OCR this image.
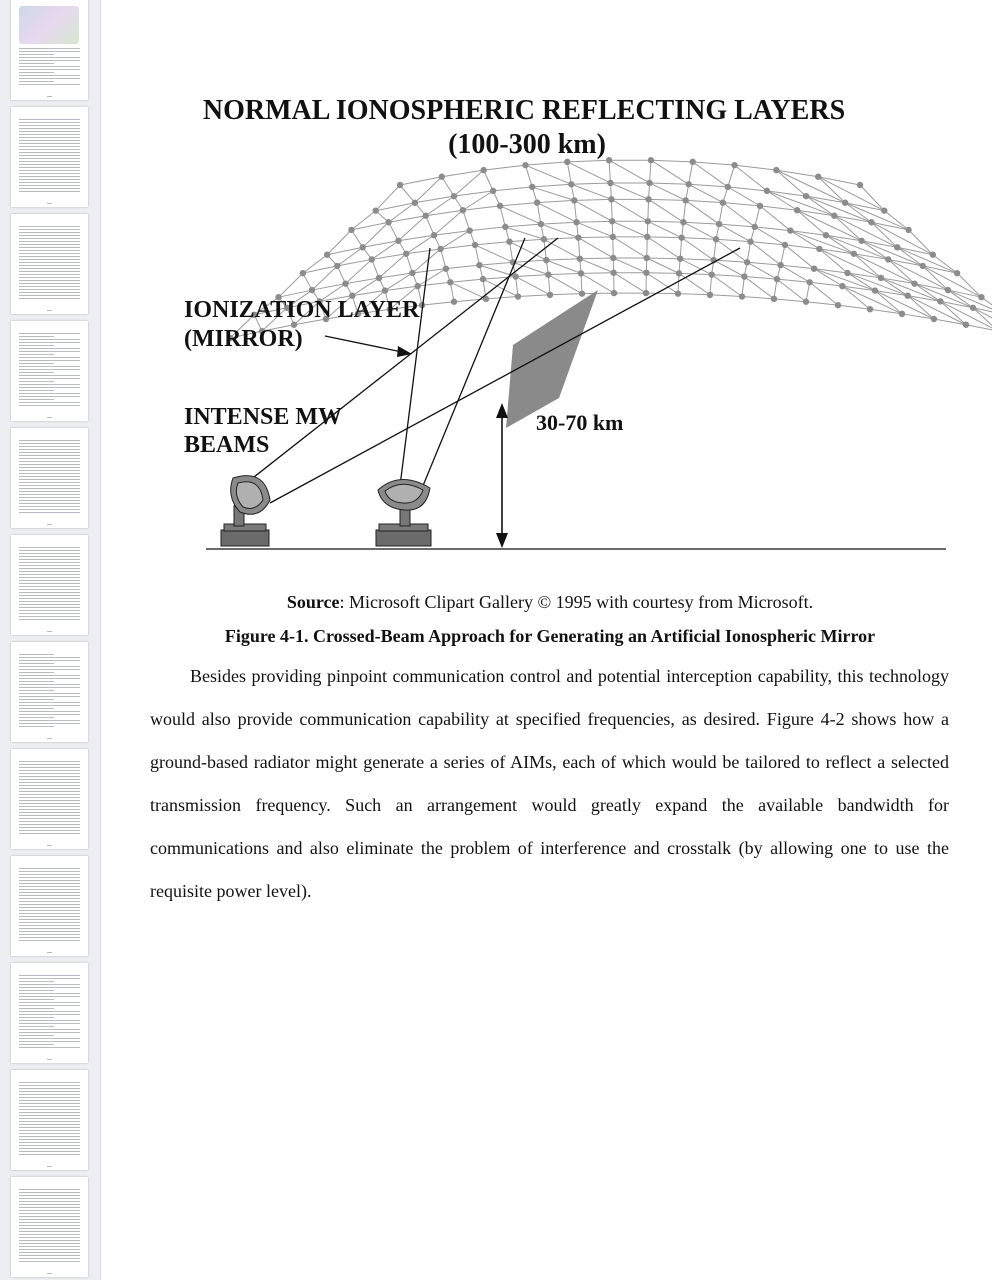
NORMAL IONOSPHERIC REFLECTING LAYERS
(100-300 km)
IONIZATION LAYER
(MIRROR)
INTENSE MW
BEAMS
30-70 km
Source: Microsoft Clipart Gallery © 1995 with courtesy from Microsoft.
Figure 4-1. Crossed-Beam Approach for Generating an Artificial Ionospheric Mirror

Besides providing pinpoint communication control and potential interception capability, this technology would also provide communication capability at specified frequencies, as desired. Figure 4-2 shows how a ground-based radiator might generate a series of AIMs, each of which would be tailored to reflect a selected transmission frequency. Such an arrangement would greatly expand the available bandwidth for communications and also eliminate the problem of interference and crosstalk (by allowing one to use the requisite power level).
